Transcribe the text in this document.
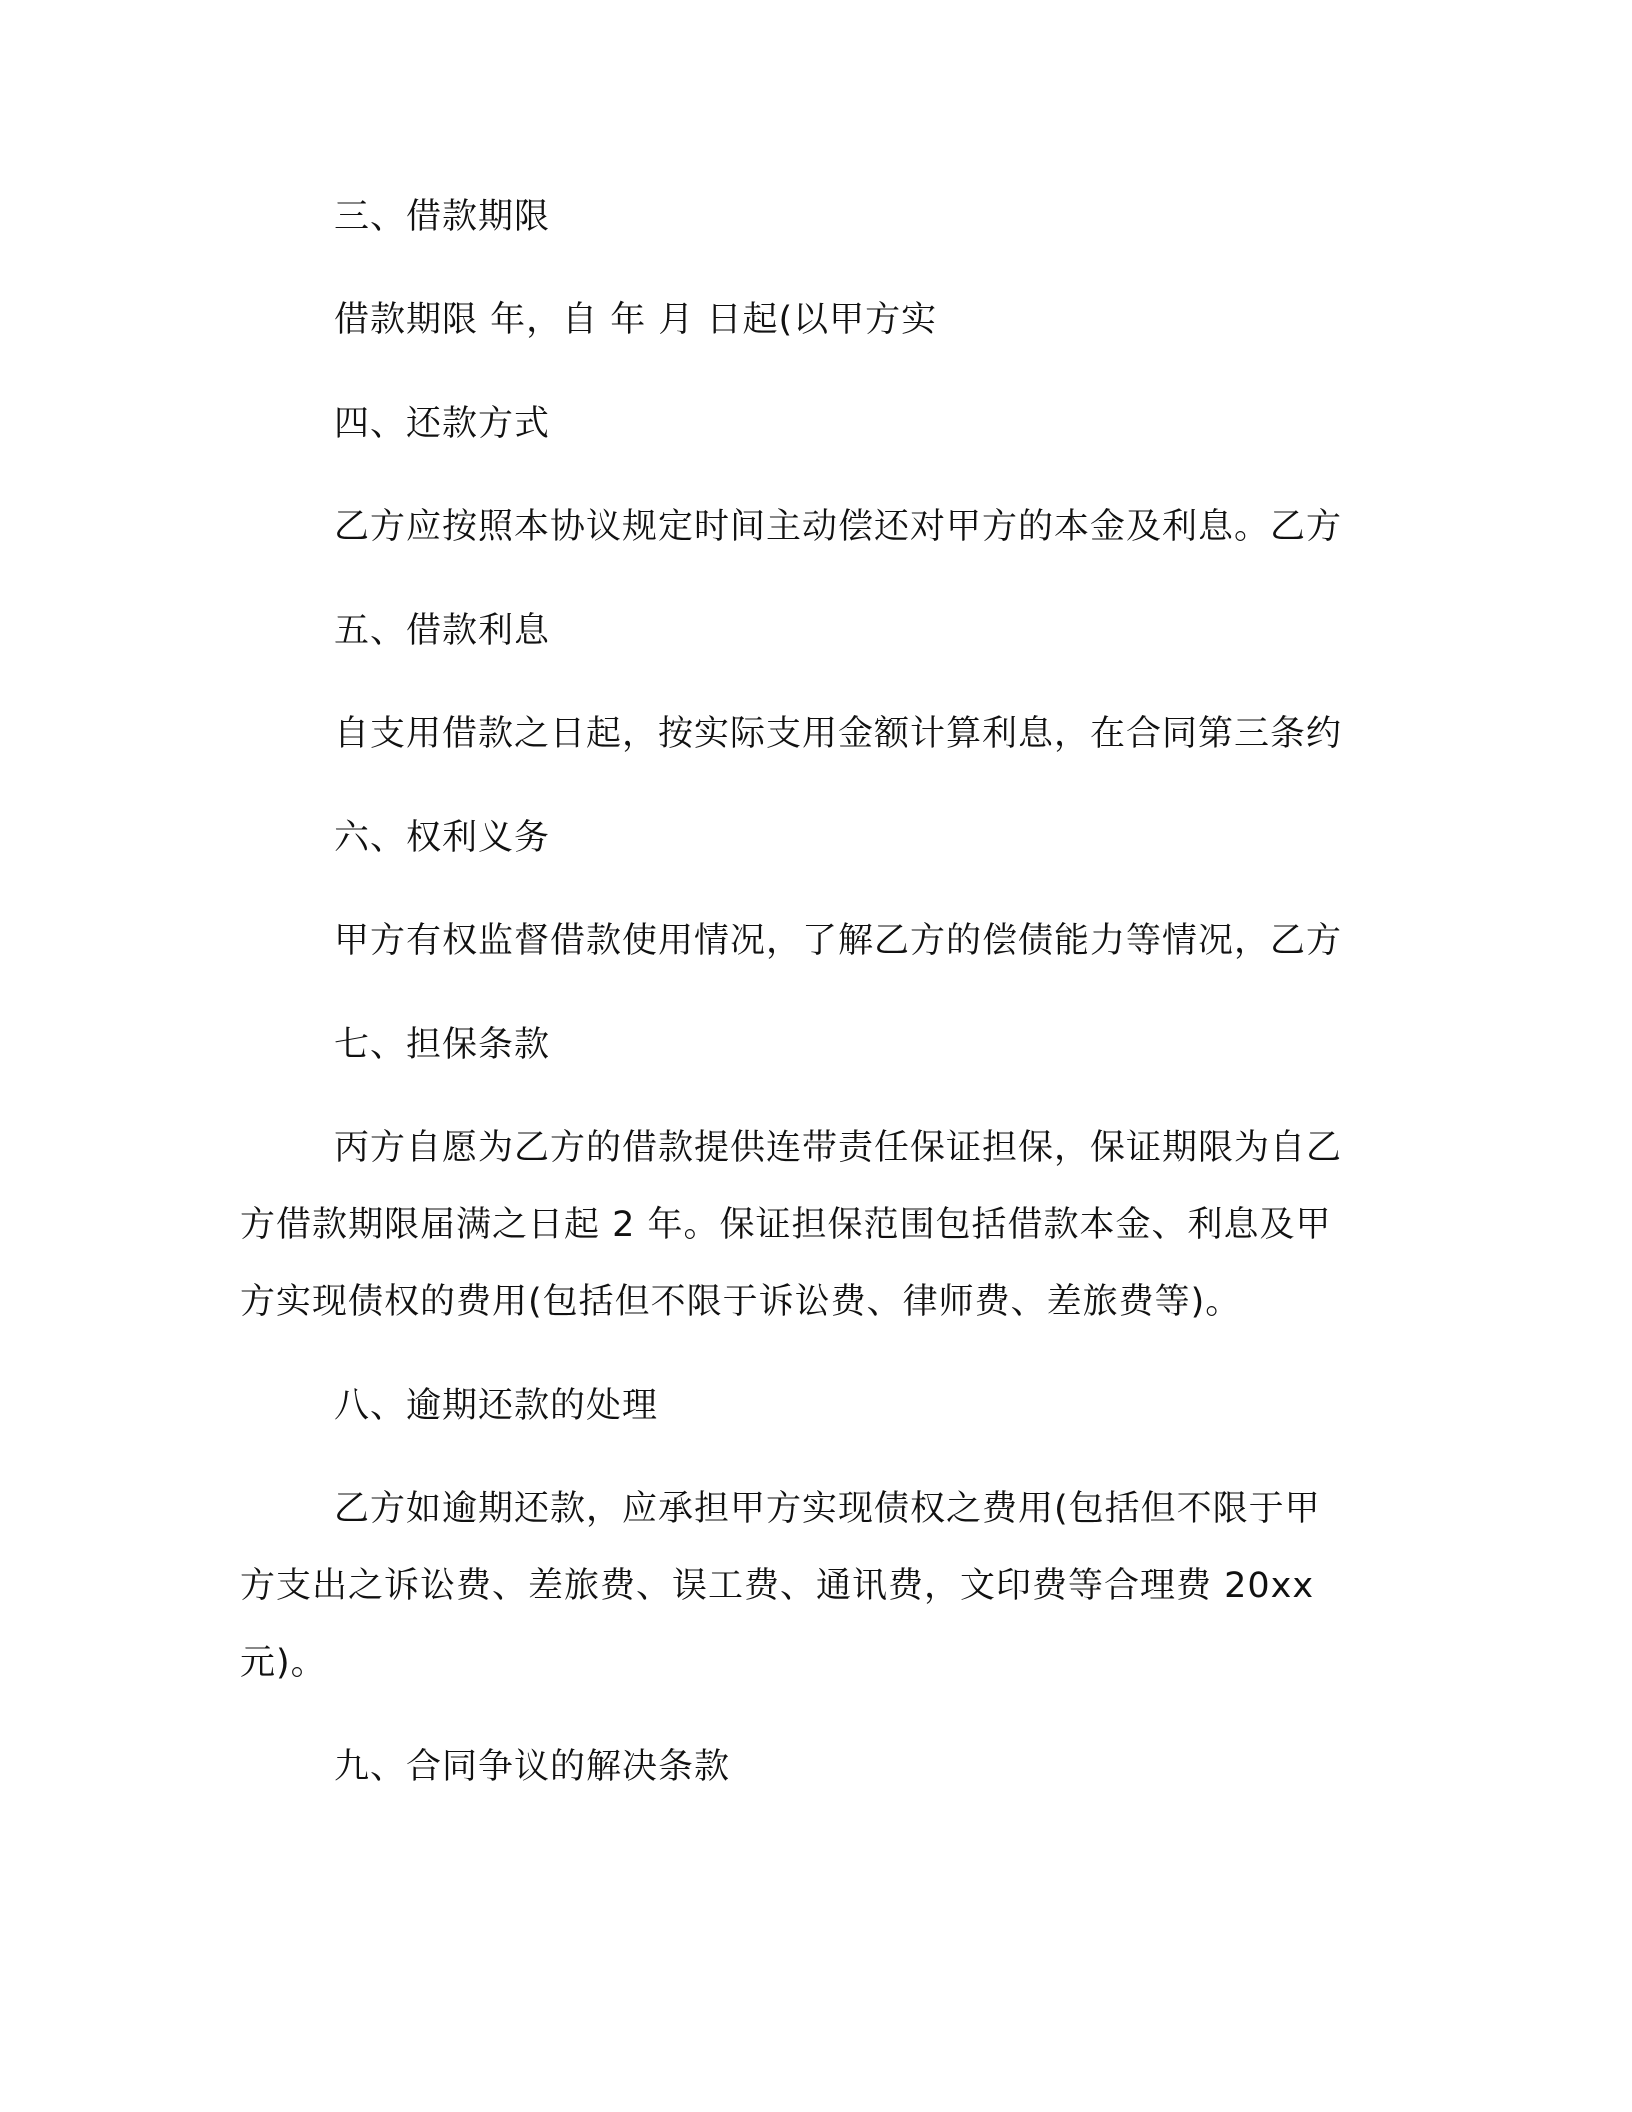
三、借款期限
借款期限 年，自 年 月 日起(以甲方实
四、还款方式
乙方应按照本协议规定时间主动偿还对甲方的本金及利息。乙方
五、借款利息
自支用借款之日起，按实际支用金额计算利息，在合同第三条约
六、权利义务
甲方有权监督借款使用情况，了解乙方的偿债能力等情况，乙方
七、担保条款
丙方自愿为乙方的借款提供连带责任保证担保，保证期限为自乙
方借款期限届满之日起 2 年。保证担保范围包括借款本金、利息及甲
方实现债权的费用(包括但不限于诉讼费、律师费、差旅费等)。
八、逾期还款的处理
乙方如逾期还款，应承担甲方实现债权之费用(包括但不限于甲
方支出之诉讼费、差旅费、误工费、通讯费，文印费等合理费 20xx
元)。
九、合同争议的解决条款
